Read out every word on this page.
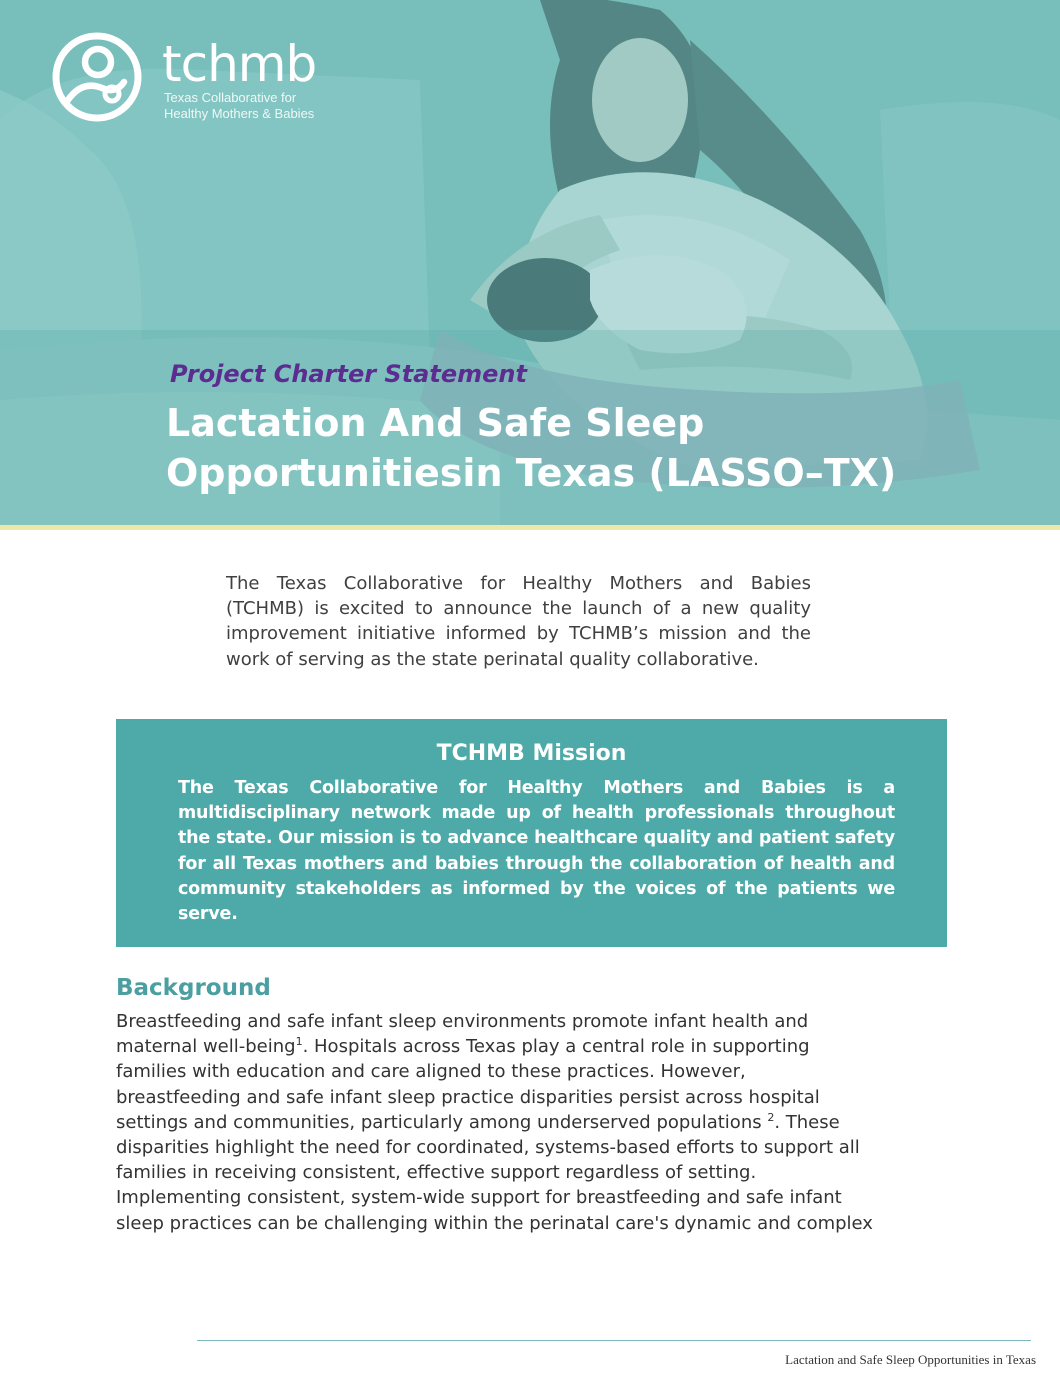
tchmb
Texas Collaborative for
Healthy Mothers & Babies
Project Charter Statement
Lactation And Safe Sleep
Opportunitiesin Texas (LASSO–TX)

The Texas Collaborative for Healthy Mothers and Babies (TCHMB) is excited to announce the launch of a new quality improvement initiative informed by TCHMB’s mission and the work of serving as the state perinatal quality collaborative.

TCHMB Mission

The Texas Collaborative for Healthy Mothers and Babies is a multidisciplinary network made up of health professionals throughout the state. Our mission is to advance healthcare quality and patient safety for all Texas mothers and babies through the collaboration of health and community stakeholders as informed by the voices of the patients we serve.

Background
Breastfeeding and safe infant sleep environments promote infant health and
maternal well-being$^1$. Hospitals across Texas play a central role in supporting
families with education and care aligned to these practices. However,
breastfeeding and safe infant sleep practice disparities persist across hospital
settings and communities, particularly among underserved populations $^2$. These
disparities highlight the need for coordinated, systems-based efforts to support all
families in receiving consistent, effective support regardless of setting.
Implementing consistent, system-wide support for breastfeeding and safe infant
sleep practices can be challenging within the perinatal care's dynamic and complex
Lactation and Safe Sleep Opportunities in Texas
